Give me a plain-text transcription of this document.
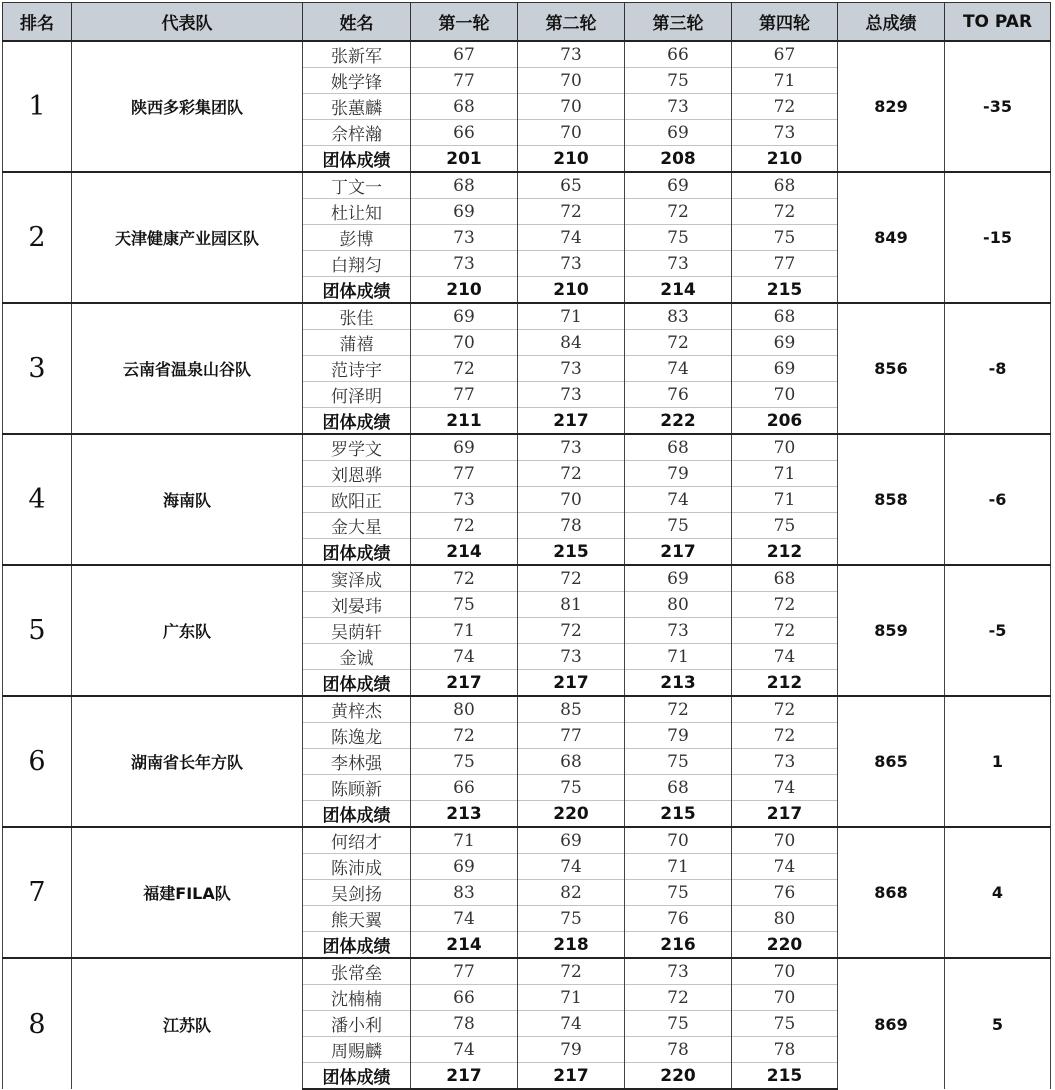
排名	代表队	姓名	第一轮	第二轮	第三轮	第四轮	总成绩	TO PAR
1	陕西多彩集团队	张新军	67	73	66	67	829	-35
		姚学锋	77	70	75	71		
		张蕙麟	68	70	73	72		
		佘梓瀚	66	70	69	73		
		团体成绩	201	210	208	210		
2	天津健康产业园区队	丁文一	68	65	69	68	849	-15
		杜让知	69	72	72	72		
		彭博	73	74	75	75		
		白翔匀	73	73	73	77		
		团体成绩	210	210	214	215		
3	云南省温泉山谷队	张佳	69	71	83	68	856	-8
		蒲禧	70	84	72	69		
		范诗宇	72	73	74	69		
		何泽明	77	73	76	70		
		团体成绩	211	217	222	206		
4	海南队	罗学文	69	73	68	70	858	-6
		刘恩骅	77	72	79	71		
		欧阳正	73	70	74	71		
		金大星	72	78	75	75		
		团体成绩	214	215	217	212		
5	广东队	窦泽成	72	72	69	68	859	-5
		刘晏玮	75	81	80	72		
		吴荫轩	71	72	73	72		
		金诚	74	73	71	74		
		团体成绩	217	217	213	212		
6	湖南省长年方队	黄梓杰	80	85	72	72	865	1
		陈逸龙	72	77	79	72		
		李林强	75	68	75	73		
		陈顾新	66	75	68	74		
		团体成绩	213	220	215	217		
7	福建FILA队	何绍才	71	69	70	70	868	4
		陈沛成	69	74	71	74		
		吴剑扬	83	82	75	76		
		熊天翼	74	75	76	80		
		团体成绩	214	218	216	220		
8	江苏队	张常垒	77	72	73	70	869	5
		沈楠楠	66	71	72	70		
		潘小利	78	74	75	75		
		周赐麟	74	79	78	78		
		团体成绩	217	217	220	215		
